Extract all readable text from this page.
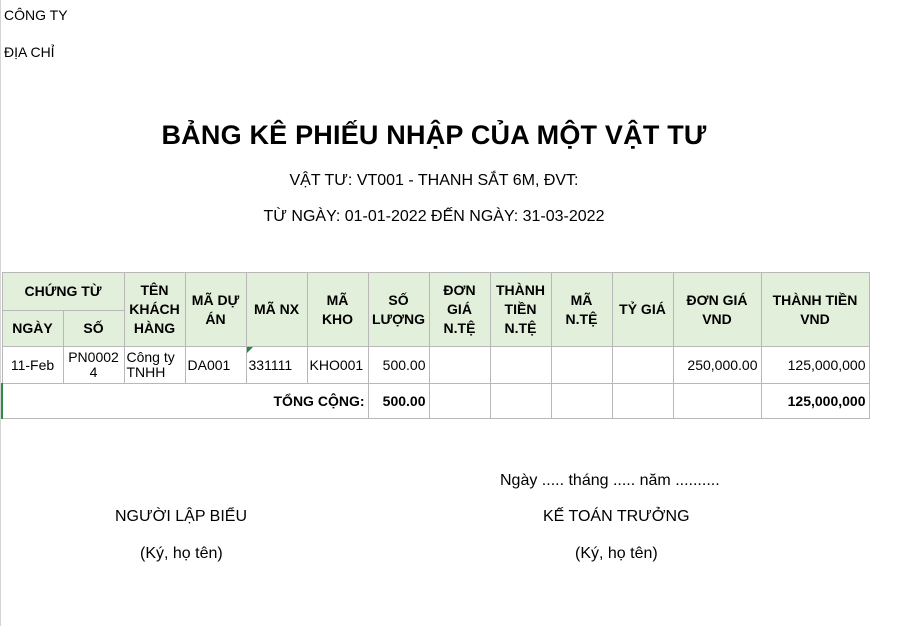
CÔNG TY
ĐỊA CHỈ
BẢNG KÊ PHIẾU NHẬP CỦA MỘT VẬT TƯ
VẬT TƯ: VT001 - THANH SẮT 6M, ĐVT:
TỪ NGÀY: 01-01-2022 ĐẾN NGÀY: 31-03-2022
CHỨNG TỪ		TÊN KHÁCH HÀNG	MÃ DỰ ÁN	MÃ NX	MÃ KHO	SỐ LƯỢNG	ĐƠN GIÁ N.TỆ	THÀNH TIỀN N.TỆ	MÃ N.TỆ	TỶ GIÁ	ĐƠN GIÁ VND	THÀNH TIỀN VND
NGÀY	SỐ											
11-Feb	PN00024	Công ty TNHH	DA001	331111	KHO001	500.00					250,000.00	125,000,000
TỔNG CỘNG:						500.00						125,000,000
Ngày ..... tháng ..... năm ..........
NGƯỜI LẬP BIỂU
(Ký, họ tên)
KẾ TOÁN TRƯỞNG
(Ký, họ tên)
